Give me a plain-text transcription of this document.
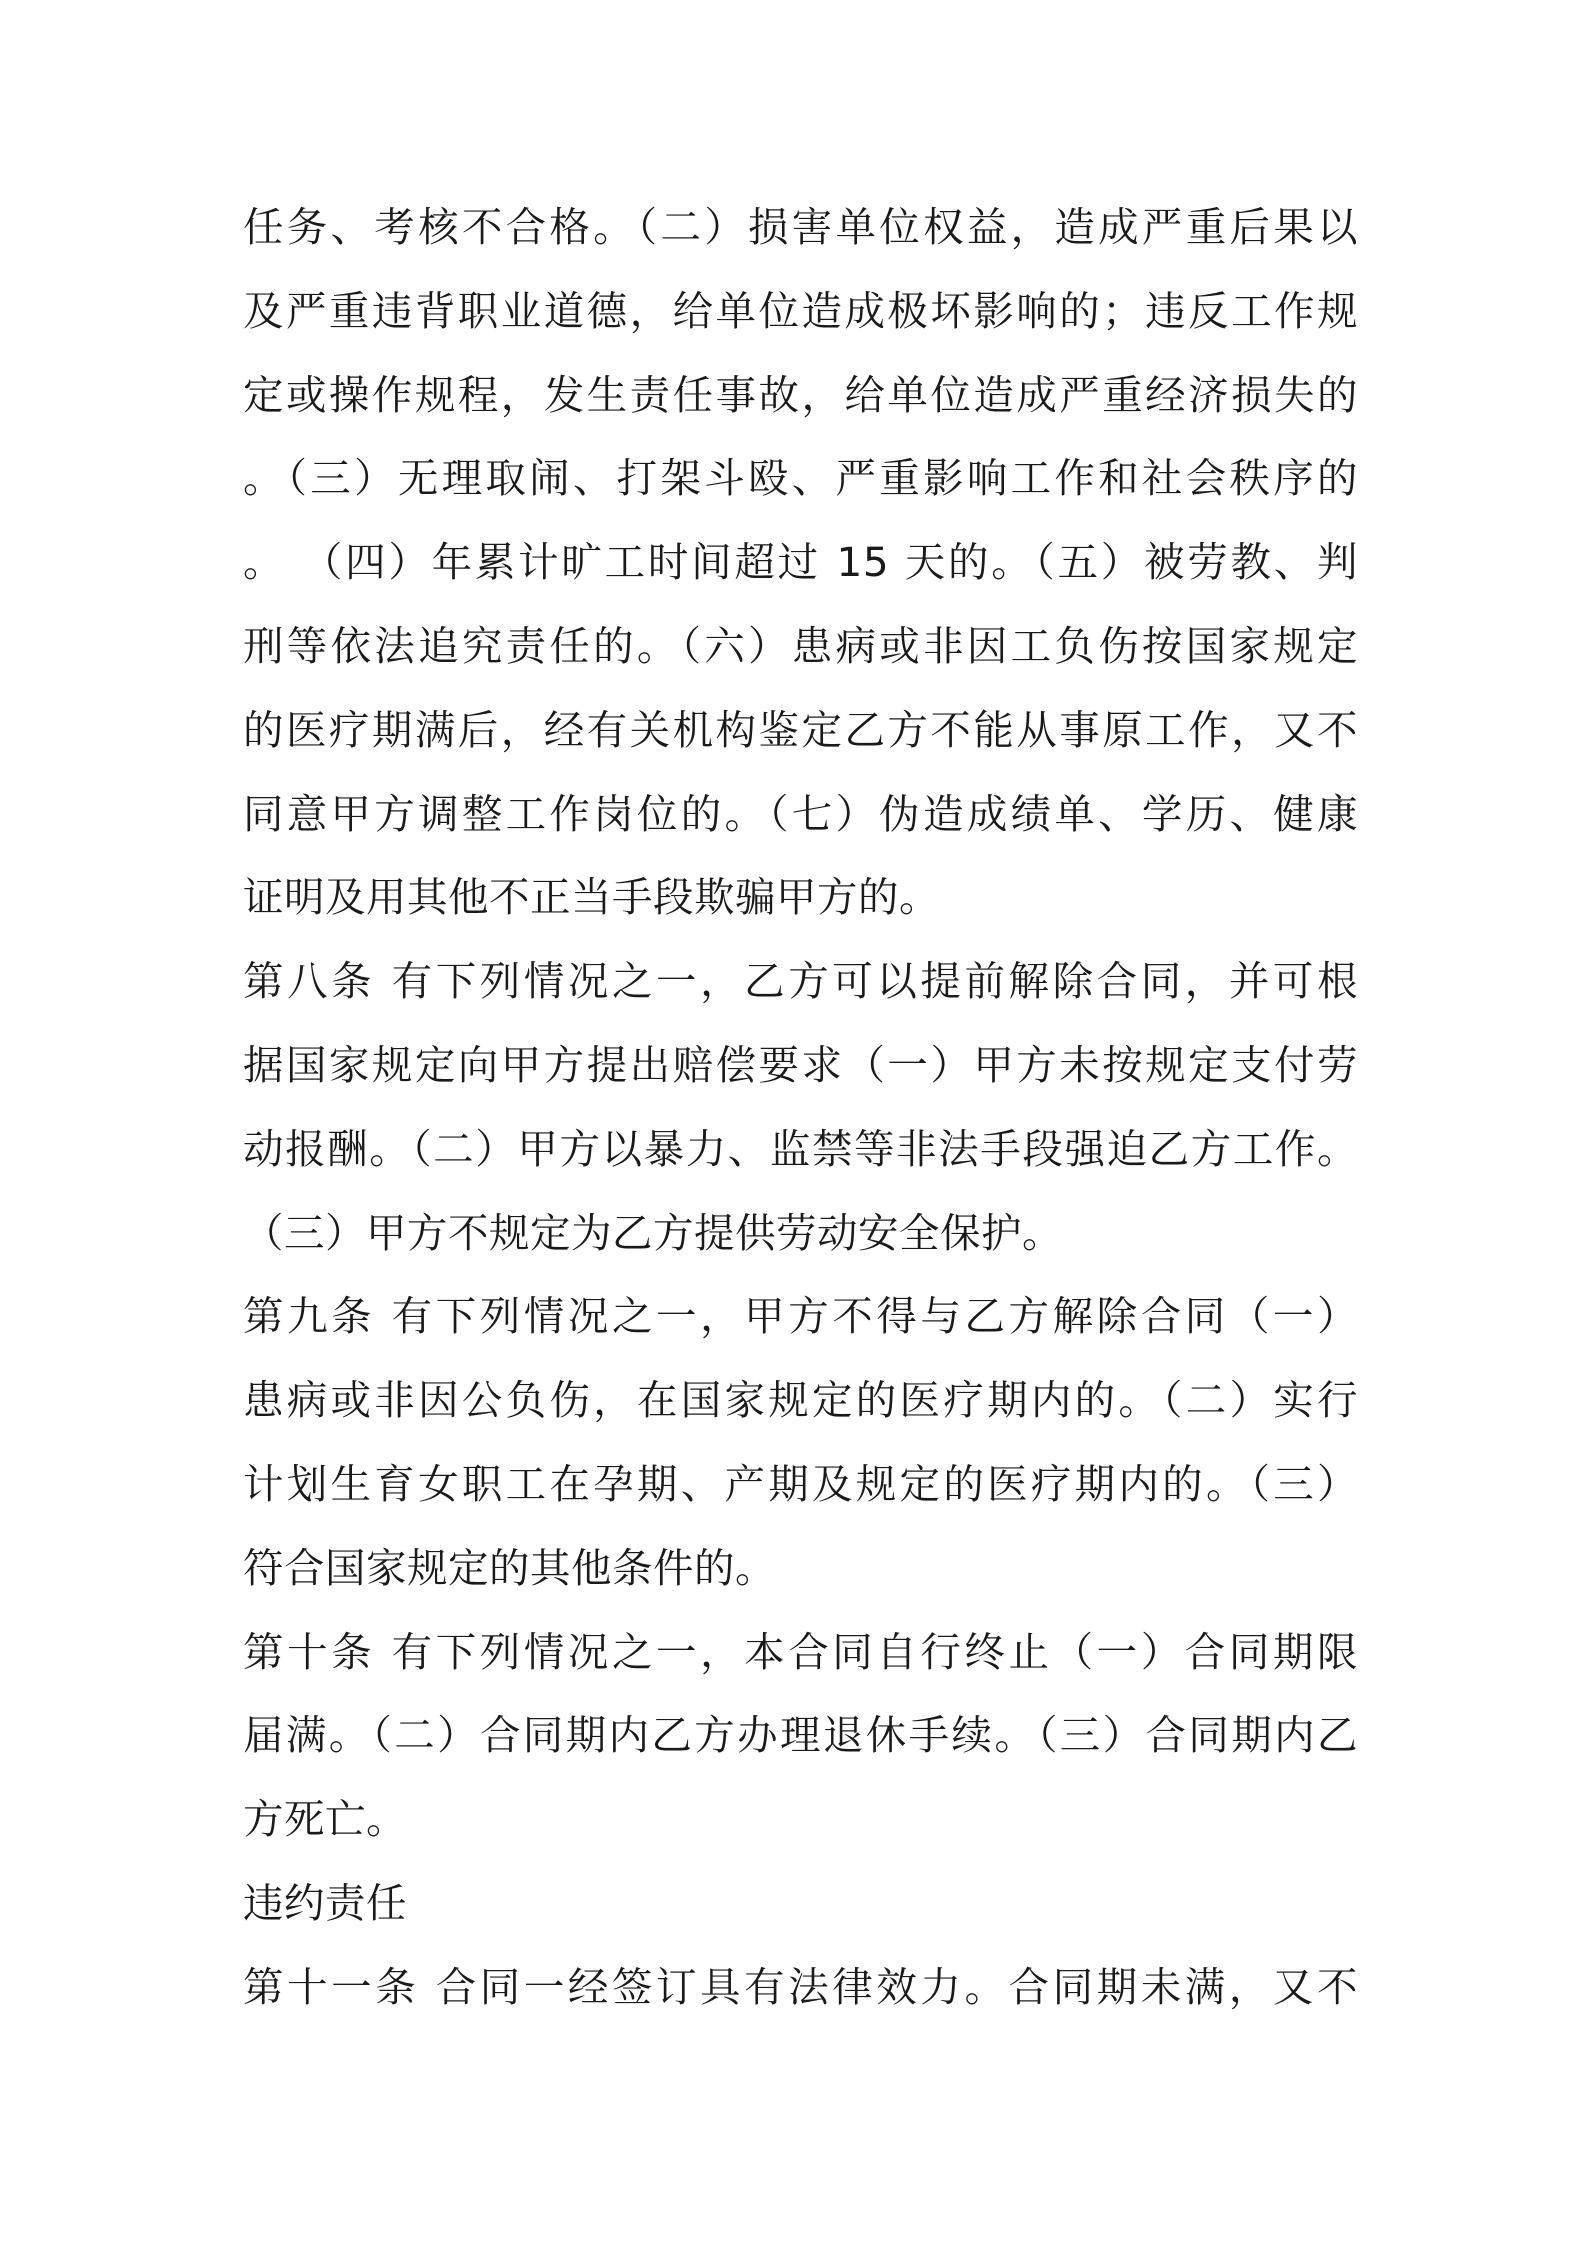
任务、考核不合格。（二）损害单位权益，造成严重后果以
及严重违背职业道德，给单位造成极坏影响的；违反工作规
定或操作规程，发生责任事故，给单位造成严重经济损失的
。（三）无理取闹、打架斗殴、严重影响工作和社会秩序的
。 （四）年累计旷工时间超过 15 天的。（五）被劳教、判
刑等依法追究责任的。（六）患病或非因工负伤按国家规定
的医疗期满后，经有关机构鉴定乙方不能从事原工作，又不
同意甲方调整工作岗位的。（七）伪造成绩单、学历、健康
证明及用其他不正当手段欺骗甲方的。
第八条 有下列情况之一，乙方可以提前解除合同，并可根
据国家规定向甲方提出赔偿要求（一）甲方未按规定支付劳
动报酬。（二）甲方以暴力、监禁等非法手段强迫乙方工作。
（三）甲方不规定为乙方提供劳动安全保护。
第九条 有下列情况之一，甲方不得与乙方解除合同（一）
患病或非因公负伤，在国家规定的医疗期内的。（二）实行
计划生育女职工在孕期、产期及规定的医疗期内的。（三）
符合国家规定的其他条件的。
第十条 有下列情况之一，本合同自行终止（一）合同期限
届满。（二）合同期内乙方办理退休手续。（三）合同期内乙
方死亡。
违约责任
第十一条 合同一经签订具有法律效力。合同期未满，又不
